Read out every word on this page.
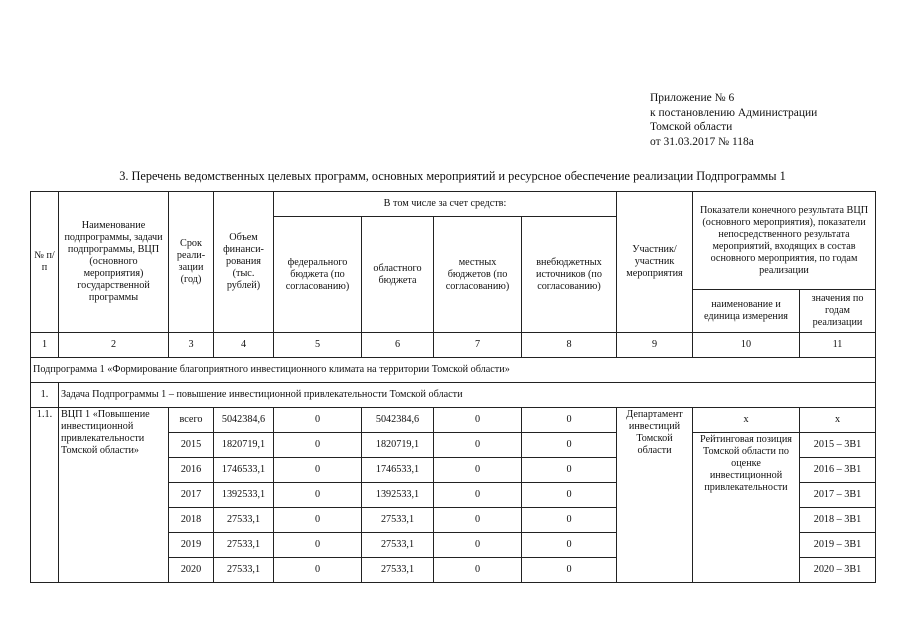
Приложение № 6
к постановлению Администрации
Томской области
от 31.03.2017 № 118а
3. Перечень ведомственных целевых программ, основных мероприятий и ресурсное обеспечение реализации Подпрограммы 1
№ п/п	Наименование подпрограммы, задачи подпрограммы, ВЦП (основного мероприятия) государственной программы	Срок реали-зации (год)	Объем финанси-рования (тыс. рублей)	В том числе за счет средств:				Участник/ участник мероприятия	Показатели конечного результата ВЦП (основного мероприятия), показатели непосредственного результата мероприятий, входящих в состав основного мероприятия, по годам реализации	
				федерального бюджета (по согласованию)	областного бюджета	местных бюджетов (по согласованию)	внебюджетных источников (по согласованию)			
									наименование и единица измерения	значения по годам реализации
1	2	3	4	5	6	7	8	9	10	11
Подпрограмма 1 «Формирование благоприятного инвестиционного климата на территории Томской области»										
1.	Задача Подпрограммы 1 – повышение инвестиционной привлекательности Томской области									
1.1.	ВЦП 1 «Повышение инвестиционной привлекательности Томской области»	всего	5042384,6	0	5042384,6	0	0	Департамент инвестиций Томской области	х	х
		2015	1820719,1	0	1820719,1	0	0		Рейтинговая позиция Томской области по оценке инвестиционной привлекательности	2015 – 3В1
		2016	1746533,1	0	1746533,1	0	0			2016 – 3В1
		2017	1392533,1	0	1392533,1	0	0			2017 – 3В1
		2018	27533,1	0	27533,1	0	0			2018 – 3В1
		2019	27533,1	0	27533,1	0	0			2019 – 3В1
		2020	27533,1	0	27533,1	0	0			2020 – 3В1
